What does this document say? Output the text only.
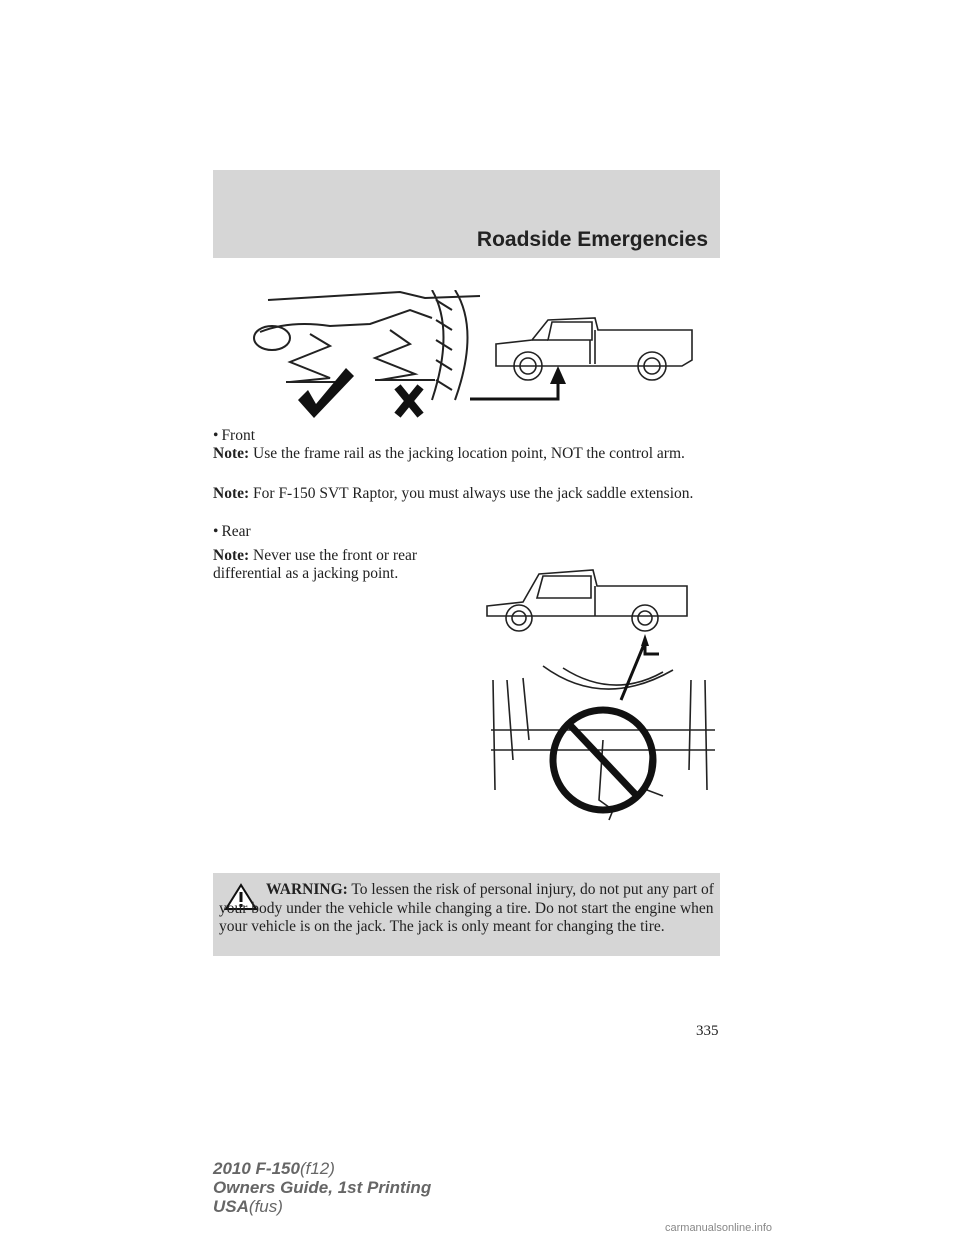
Roadside Emergencies
• Front
Note: Use the frame rail as the jacking location point, NOT the control arm.
Note: For F-150 SVT Raptor, you must always use the jack saddle extension.
• Rear
Note: Never use the front or rear
differential as a jacking point.
WARNING: To lessen the risk of personal injury, do not put any part of your body under the vehicle while changing a tire. Do not start the engine when your vehicle is on the jack. The jack is only meant for changing the tire.
335
2010 F-150(f12)
Owners Guide, 1st Printing
USA(fus)
carmanualsonline.info
